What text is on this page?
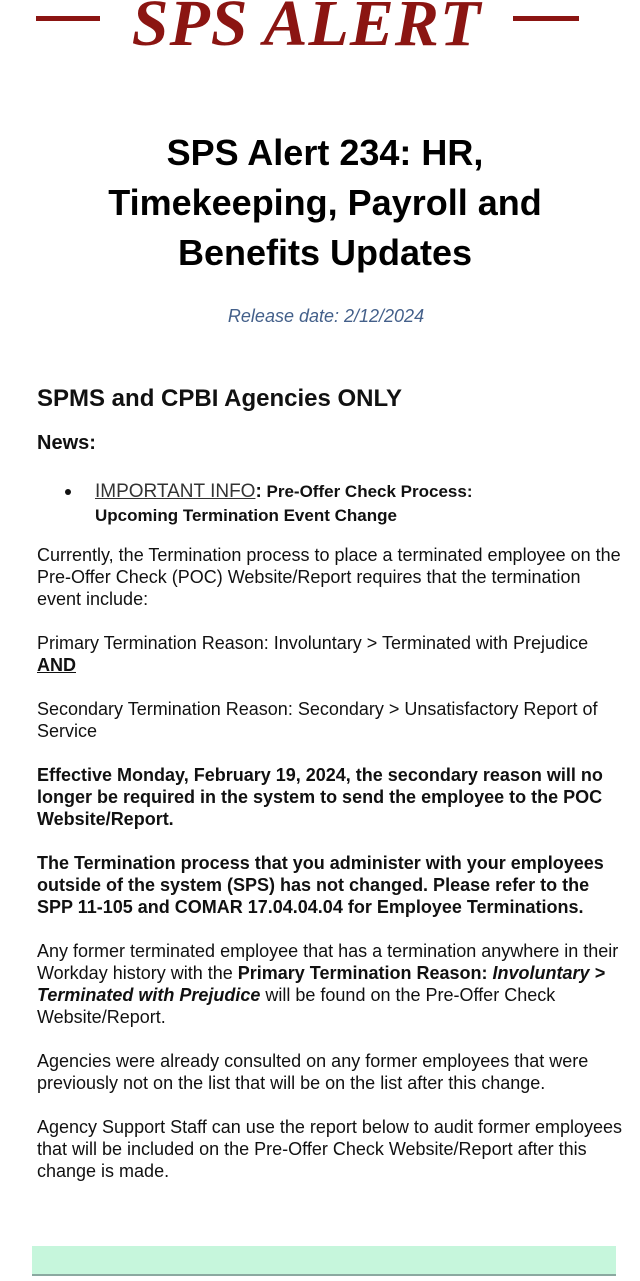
SPS ALERT
SPS Alert 234: HR,
Timekeeping, Payroll and
Benefits Updates
Release date: 2/12/2024
SPMS and CPBI Agencies ONLY

News:

IMPORTANT INFO: Pre-Offer Check Process:
Upcoming Termination Event Change

Currently, the Termination process to place a terminated employee on the Pre-Offer Check (POC) Website/Report requires that the termination event include:

Primary Termination Reason: Involuntary > Terminated with Prejudice AND

Secondary Termination Reason: Secondary > Unsatisfactory Report of Service

Effective Monday, February 19, 2024, the secondary reason will no longer be required in the system to send the employee to the POC Website/Report.

The Termination process that you administer with your employees outside of the system (SPS) has not changed. Please refer to the SPP 11-105 and COMAR 17.04.04.04 for Employee Terminations.

Any former terminated employee that has a termination anywhere in their Workday history with the Primary Termination Reason: Involuntary > Terminated with Prejudice will be found on the Pre-Offer Check Website/Report.

Agencies were already consulted on any former employees that were previously not on the list that will be on the list after this change.

Agency Support Staff can use the report below to audit former employees that will be included on the Pre-Offer Check Website/Report after this change is made.
